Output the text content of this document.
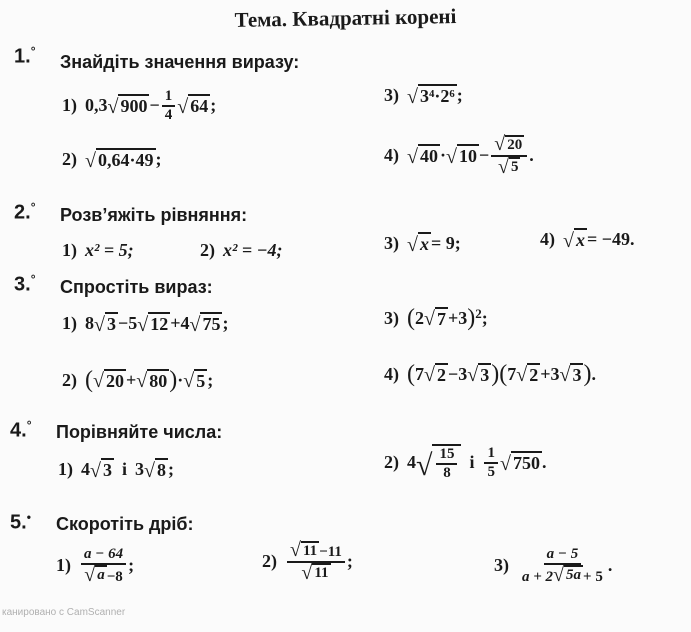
Тема. Квадратні корені
1.°
Знайдіть значення виразу:
1) 0,3 √ $900 - \frac{1}{4}$ √ 64 ;
3) √ 3⁴·2⁶ ;
2) √ 0,64·49 ;	4) √ 40 · √ $10 - \frac{√ 20}{√ 5}$ .
2.° Розв’яжіть рівняння:
1) x² = 5;	2) x² = −4;	3) √ x = 9;	4) √ x = −49.
3.° Спростіть вираз:
1) 8 √ 3 −5 √ 12 +4 √ 75 ;	3) ( 2 √ 7 +3 )$^2$ ;
2) ( √ 20 + √ 80 ) · √ 5 ;	4) ( 7 √ 2 −3 √ 3 )( 7 √ 2 +3 √ 3 ) .
4.° Порівняйте числа:
1) 4 √ 3 і 3 √ 8 ;	2) 4 √ $\frac{15}{8}$ і $\frac{1}{5}$ √ 750 .
5.• Скоротіть дріб:
$1) \frac{a - 64}{√ a -8}$ ;	$2) \frac{√ 11 -11}{√ 11}$ ;	$3) \frac{a - 5}{a + 2 √ 5a + 5}$ .
канировано с CamScanner
